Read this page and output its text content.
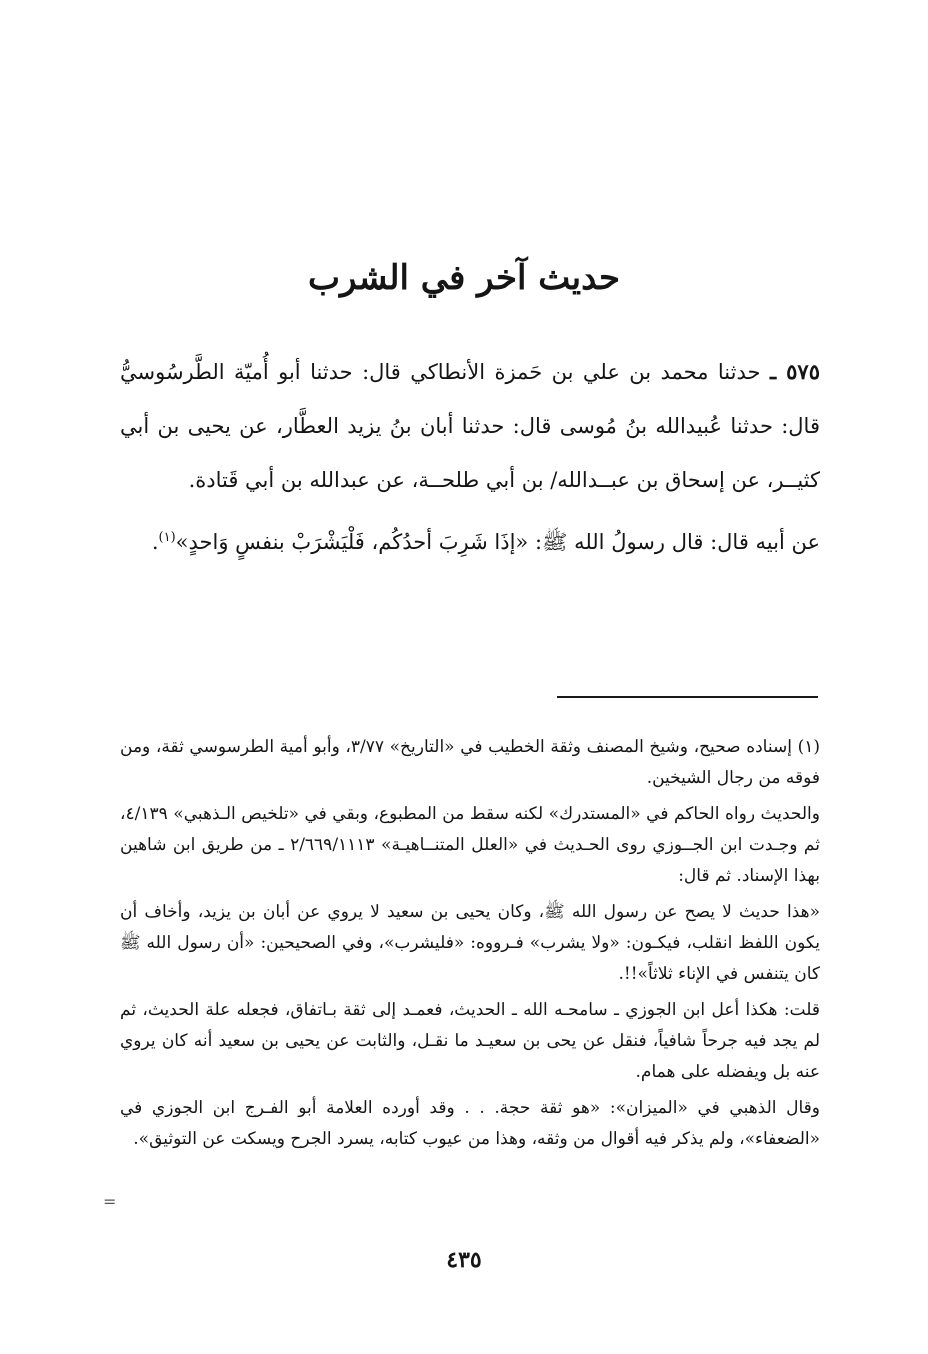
حديث آخر في الشرب

٥٧٥ ـ حدثنا محمد بن علي بن حَمزة الأنطاكي قال: حدثنا أبو أُميّة الطَّرسُوسيُّ قال: حدثنا عُبيدالله بنُ مُوسى قال: حدثنا أبان بنُ يزيد العطَّار، عن يحيى بن أبي كثيــر، عن إسحاق بن عبــدالله/ بن أبي طلحــة، عن عبدالله بن أبي قَتادة.

عن أبيه قال: قال رسولُ الله ﷺ: «إذَا شَرِبَ أحدُكُم، فَلْيَشْرَبْ بنفسٍ وَاحدٍ»$^{(١)}$.

(١) إسناده صحيح، وشيخ المصنف وثقة الخطيب في «التاريخ» ٣/٧٧، وأبو أمية الطرسوسي ثقة، ومن فوقه من رجال الشيخين.

والحديث رواه الحاكم في «المستدرك» لكنه سقط من المطبوع، وبقي في «تلخيص الـذهبي» ٤/١٣٩، ثم وجـدت ابن الجــوزي روى الحـديث في «العلل المتنــاهيـة» ٢/٦٦٩/١١١٣ ـ من طريق ابن شاهين بهذا الإسناد. ثم قال:

«هذا حديث لا يصح عن رسول الله ﷺ، وكان يحيى بن سعيد لا يروي عن أبان بن يزيد، وأخاف أن يكون اللفظ انقلب، فيكـون: «ولا يشرب» فـرووه: «فليشرب»، وفي الصحيحين: «أن رسول الله ﷺ كان يتنفس في الإناء ثلاثاً»!!.

قلت: هكذا أعل ابن الجوزي ـ سامحـه الله ـ الحديث، فعمـد إلى ثقة بـاتفاق، فجعله علة الحديث، ثم لم يجد فيه جرحاً شافياً، فنقل عن يحى بن سعيـد ما نقـل، والثابت عن يحيى بن سعيد أنه كان يروي عنه بل ويفضله على همام.

وقال الذهبي في «الميزان»: «هو ثقة حجة. . . وقد أورده العلامة أبو الفـرج ابن الجوزي في «الضعفاء»، ولم يذكر فيه أقوال من وثقه، وهذا من عيوب كتابه، يسرد الجرح ويسكت عن التوثيق».

=
٤٣٥
